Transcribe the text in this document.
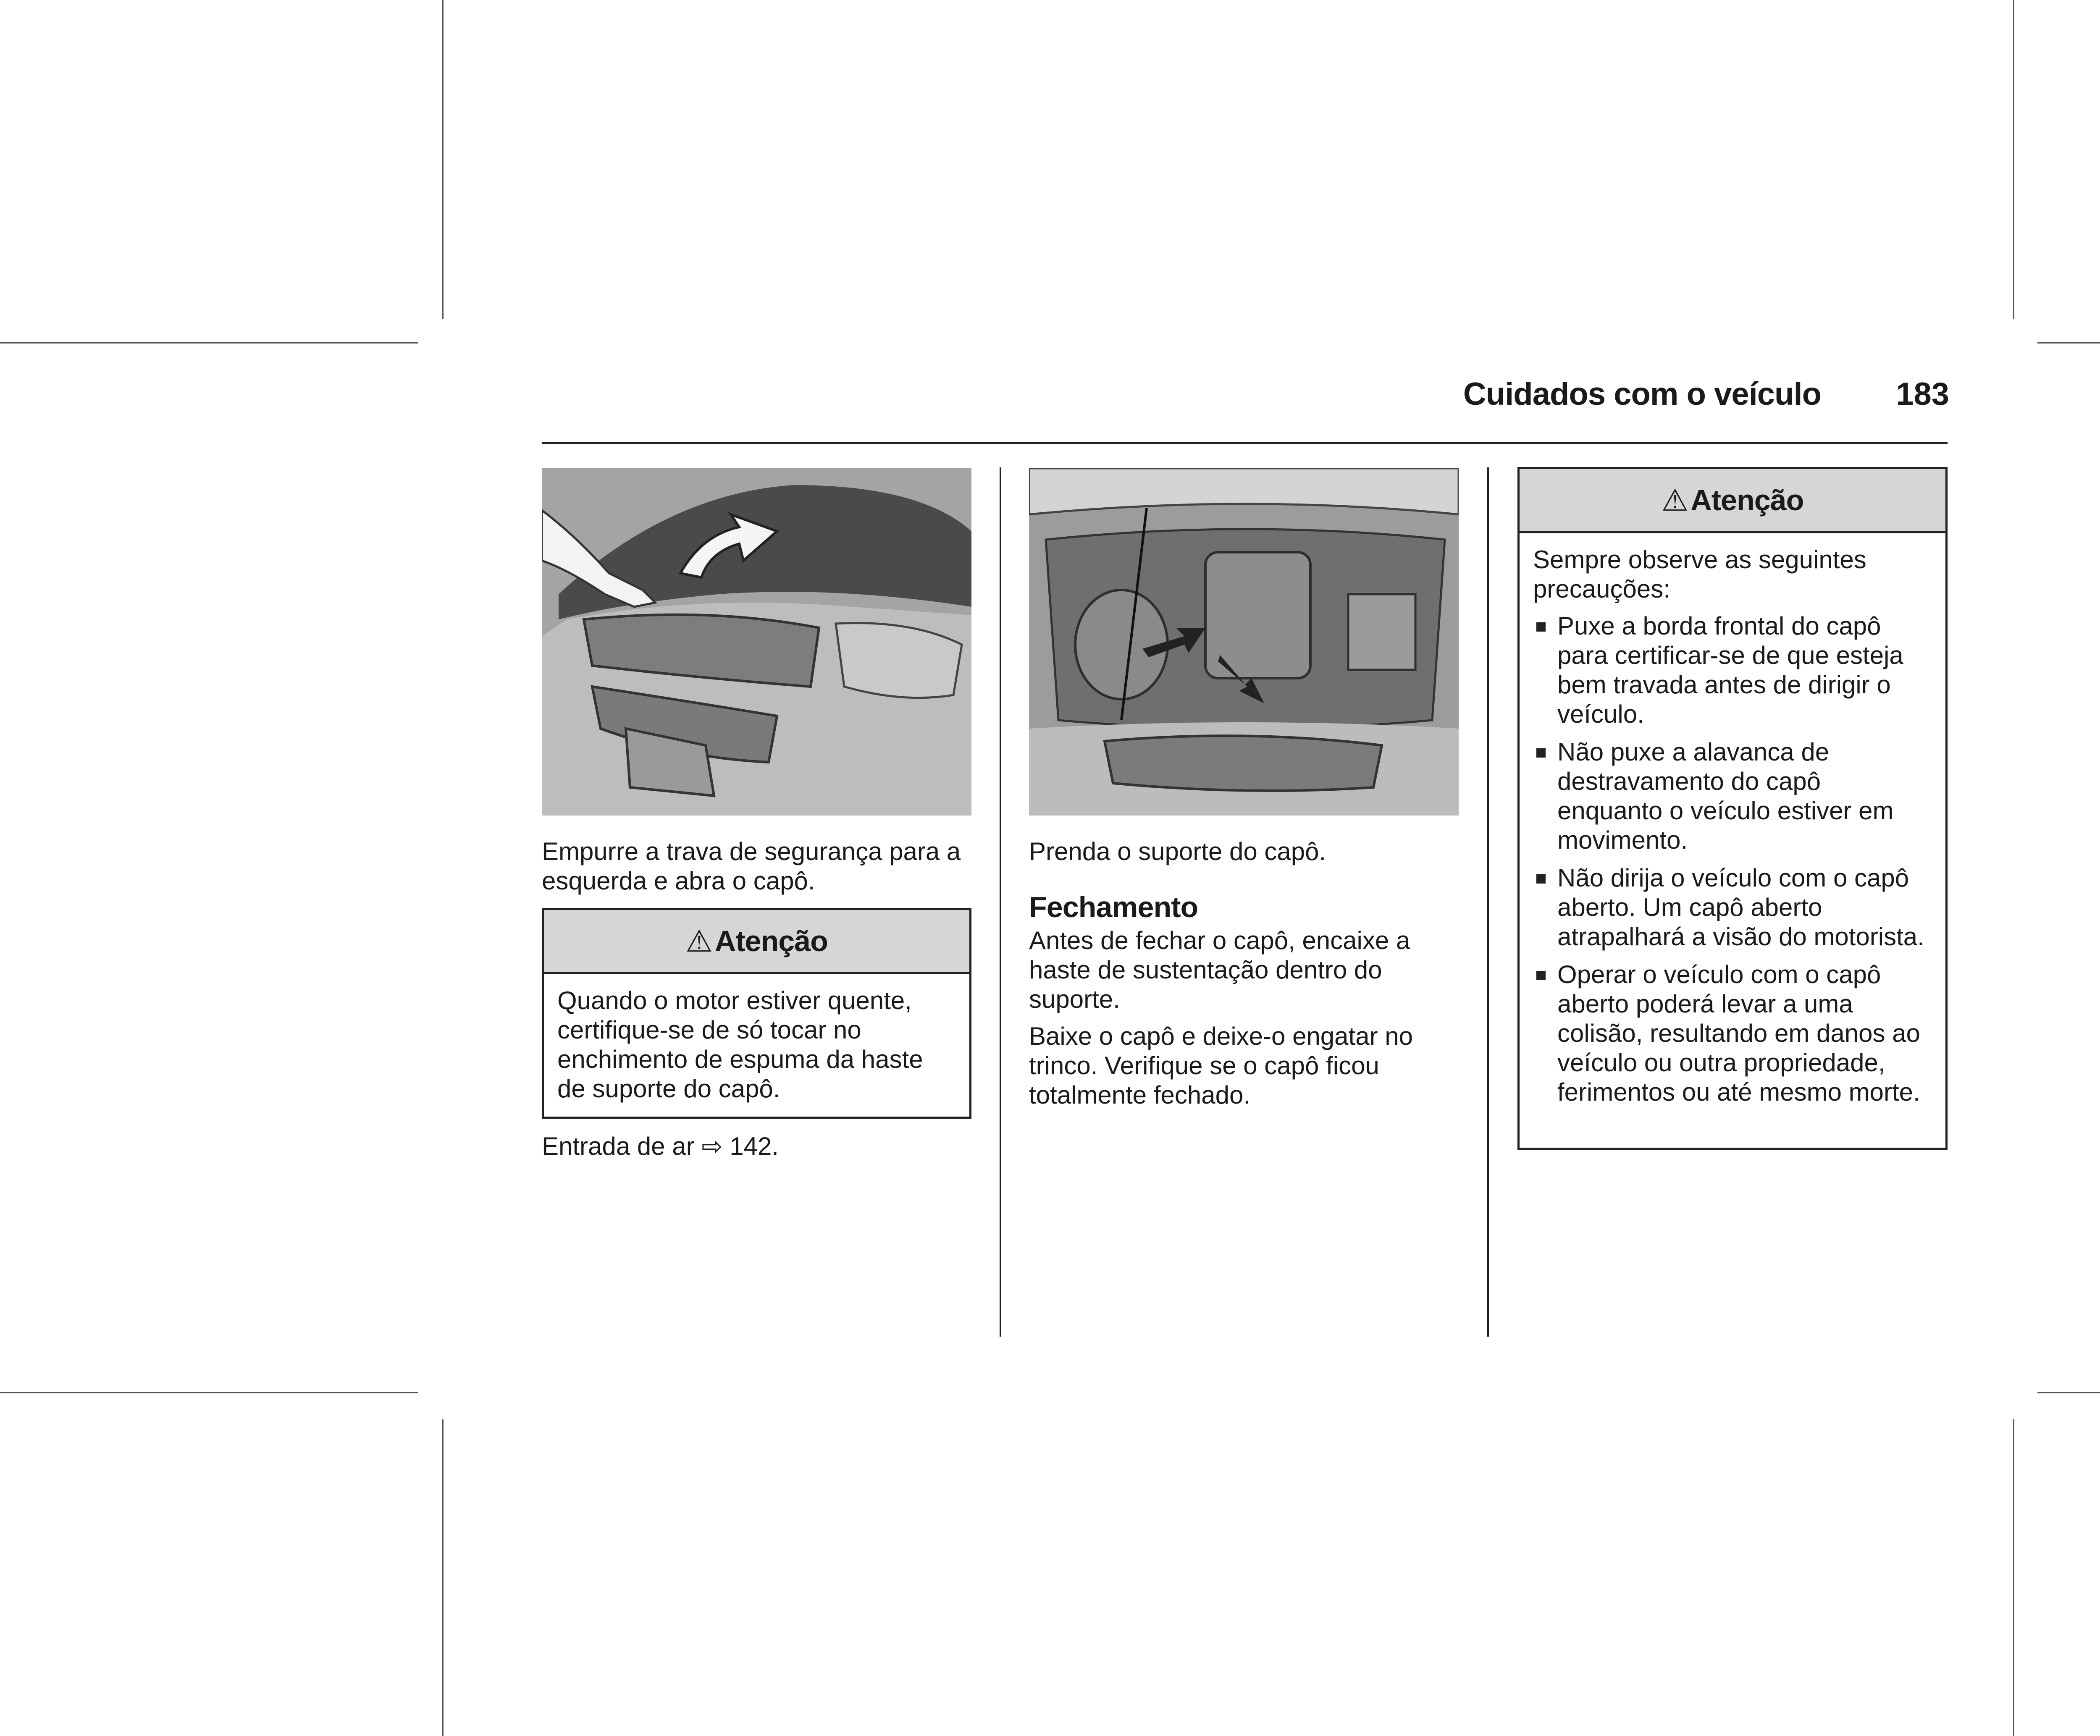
Cuidados com o veículo 183

Empurre a trava de segurança para a esquerda e abra o capô.

⚠ Atenção

Quando o motor estiver quente, certifique-se de só tocar no enchimento de espuma da haste de suporte do capô.

Entrada de ar ⇨ 142.

Prenda o suporte do capô.

Fechamento

Antes de fechar o capô, encaixe a haste de sustentação dentro do suporte.

Baixe o capô e deixe-o engatar no trinco. Verifique se o capô ficou totalmente fechado.

⚠ Atenção

Sempre observe as seguintes precauções:

Puxe a borda frontal do capô para certificar-se de que esteja bem travada antes de dirigir o veículo.
Não puxe a alavanca de destravamento do capô enquanto o veículo estiver em movimento.
Não dirija o veículo com o capô aberto. Um capô aberto atrapalhará a visão do motorista.
Operar o veículo com o capô aberto poderá levar a uma colisão, resultando em danos ao veículo ou outra propriedade, ferimentos ou até mesmo morte.
